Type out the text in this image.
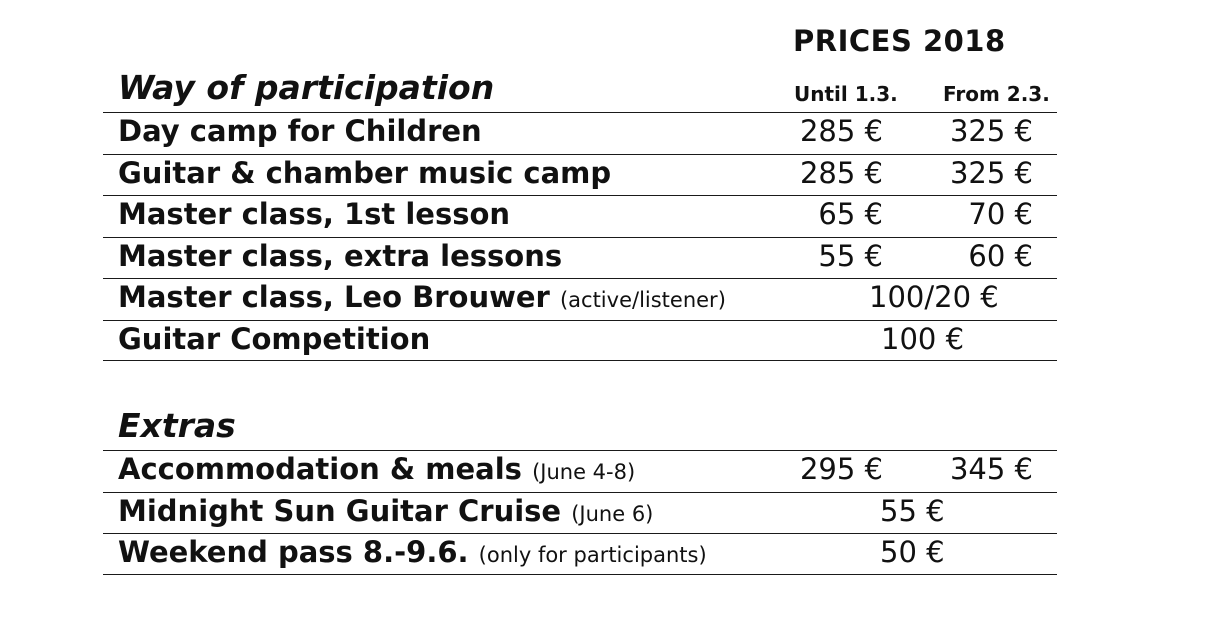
PRICES 2018
Way of participation	Until 1.3. From 2.3.
Day camp for Children	285 € 325 €
Guitar & chamber music camp	285 € 325 €
Master class, 1st lesson	65 €	70 €
Master class, extra lessons	55 €	60 €
Master class, Leo Brouwer (active/listener)	100/20 €
Guitar Competition	100 €
Extras
Accommodation & meals (June 4-8)	295 € 345 €
Midnight Sun Guitar Cruise (June 6)	55 €
Weekend pass 8.-9.6. (only for participants)	50 €
